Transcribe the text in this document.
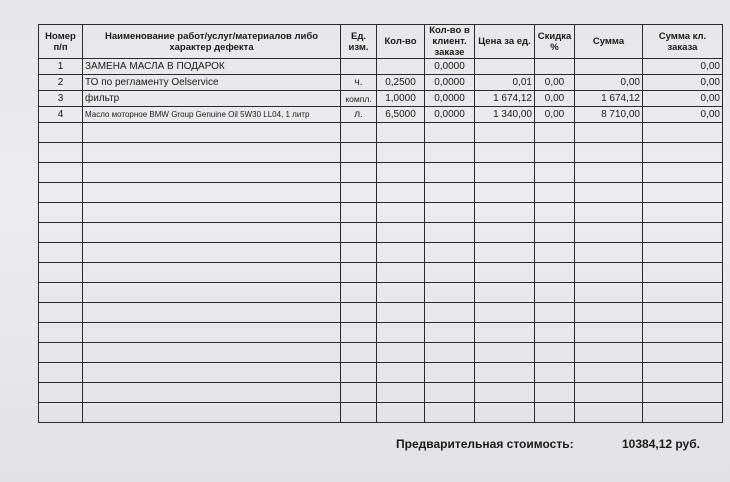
Номер п/п	Наименование работ/услуг/материалов либо характер дефекта	Ед. изм.	Кол-во	Кол-во в клиент. заказе	Цена за ед.	Скидка %	Сумма	Сумма кл. заказа
1	ЗАМЕНА МАСЛА В ПОДАРОК			0,0000				0,00
2	ТО по регламенту Oelservice	ч.	0,2500	0,0000	0,01	0,00	0,00	0,00
3	фильтр	компл.	1,0000	0,0000	1 674,12	0,00	1 674,12	0,00
4	Масло моторное BMW Group Genuine Oil 5W30 LL04, 1 литр	л.	6,5000	0,0000	1 340,00	0,00	8 710,00	0,00

Предварительная стоимость:	10384,12 руб.
